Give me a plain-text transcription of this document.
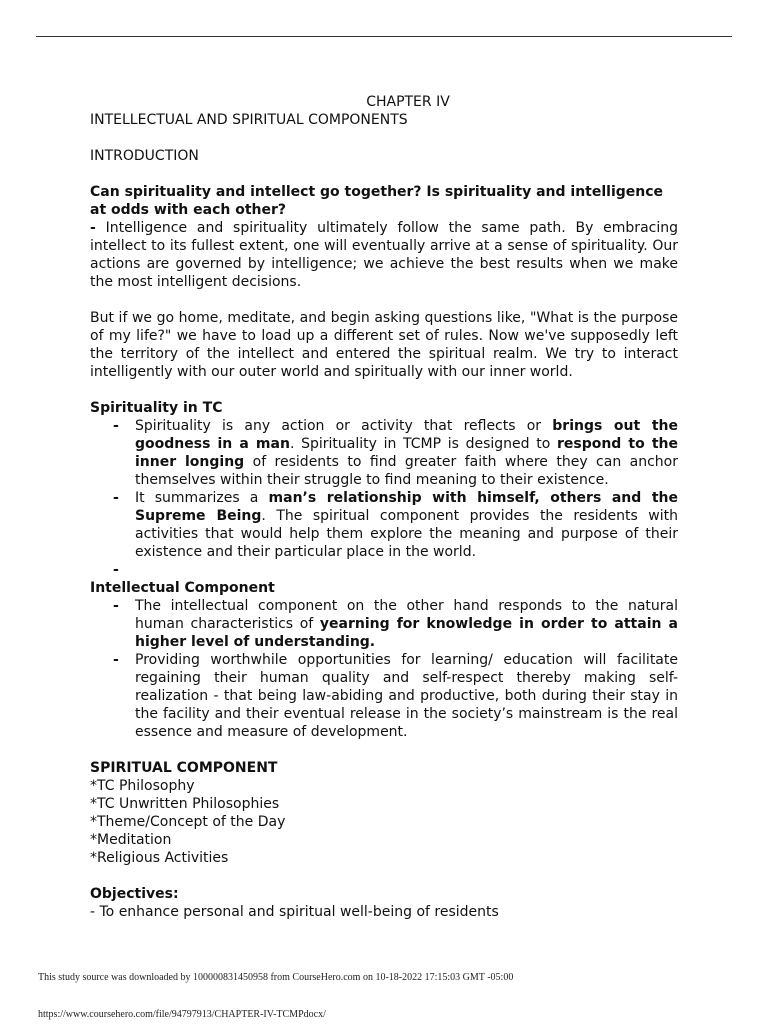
CHAPTER IV

INTELLECTUAL AND SPIRITUAL COMPONENTS

INTRODUCTION

Can spirituality and intellect go together? Is spirituality and intelligence at odds with each other?

- Intelligence and spirituality ultimately follow the same path. By embracing intellect to its fullest extent, one will eventually arrive at a sense of spirituality. Our actions are governed by intelligence; we achieve the best results when we make the most intelligent decisions.

But if we go home, meditate, and begin asking questions like, "What is the purpose of my life?" we have to load up a different set of rules. Now we've supposedly left the territory of the intellect and entered the spiritual realm. We try to interact intelligently with our outer world and spiritually with our inner world.

Spirituality in TC

- Spirituality is any action or activity that reflects or brings out the goodness in a man. Spirituality in TCMP is designed to respond to the inner longing of residents to find greater faith where they can anchor themselves within their struggle to find meaning to their existence.
- It summarizes a man’s relationship with himself, others and the Supreme Being. The spiritual component provides the residents with activities that would help them explore the meaning and purpose of their existence and their particular place in the world.
-

Intellectual Component

- The intellectual component on the other hand responds to the natural human characteristics of yearning for knowledge in order to attain a higher level of understanding.
- Providing worthwhile opportunities for learning/ education will facilitate regaining their human quality and self-respect thereby making self-realization - that being law-abiding and productive, both during their stay in the facility and their eventual release in the society’s mainstream is the real essence and measure of development.

SPIRITUAL COMPONENT

*TC Philosophy

*TC Unwritten Philosophies

*Theme/Concept of the Day

*Meditation

*Religious Activities

Objectives:

- To enhance personal and spiritual well-being of residents

This study source was downloaded by 100000831450958 from CourseHero.com on 10-18-2022 17:15:03 GMT -05:00
https://www.coursehero.com/file/94797913/CHAPTER-IV-TCMPdocx/
